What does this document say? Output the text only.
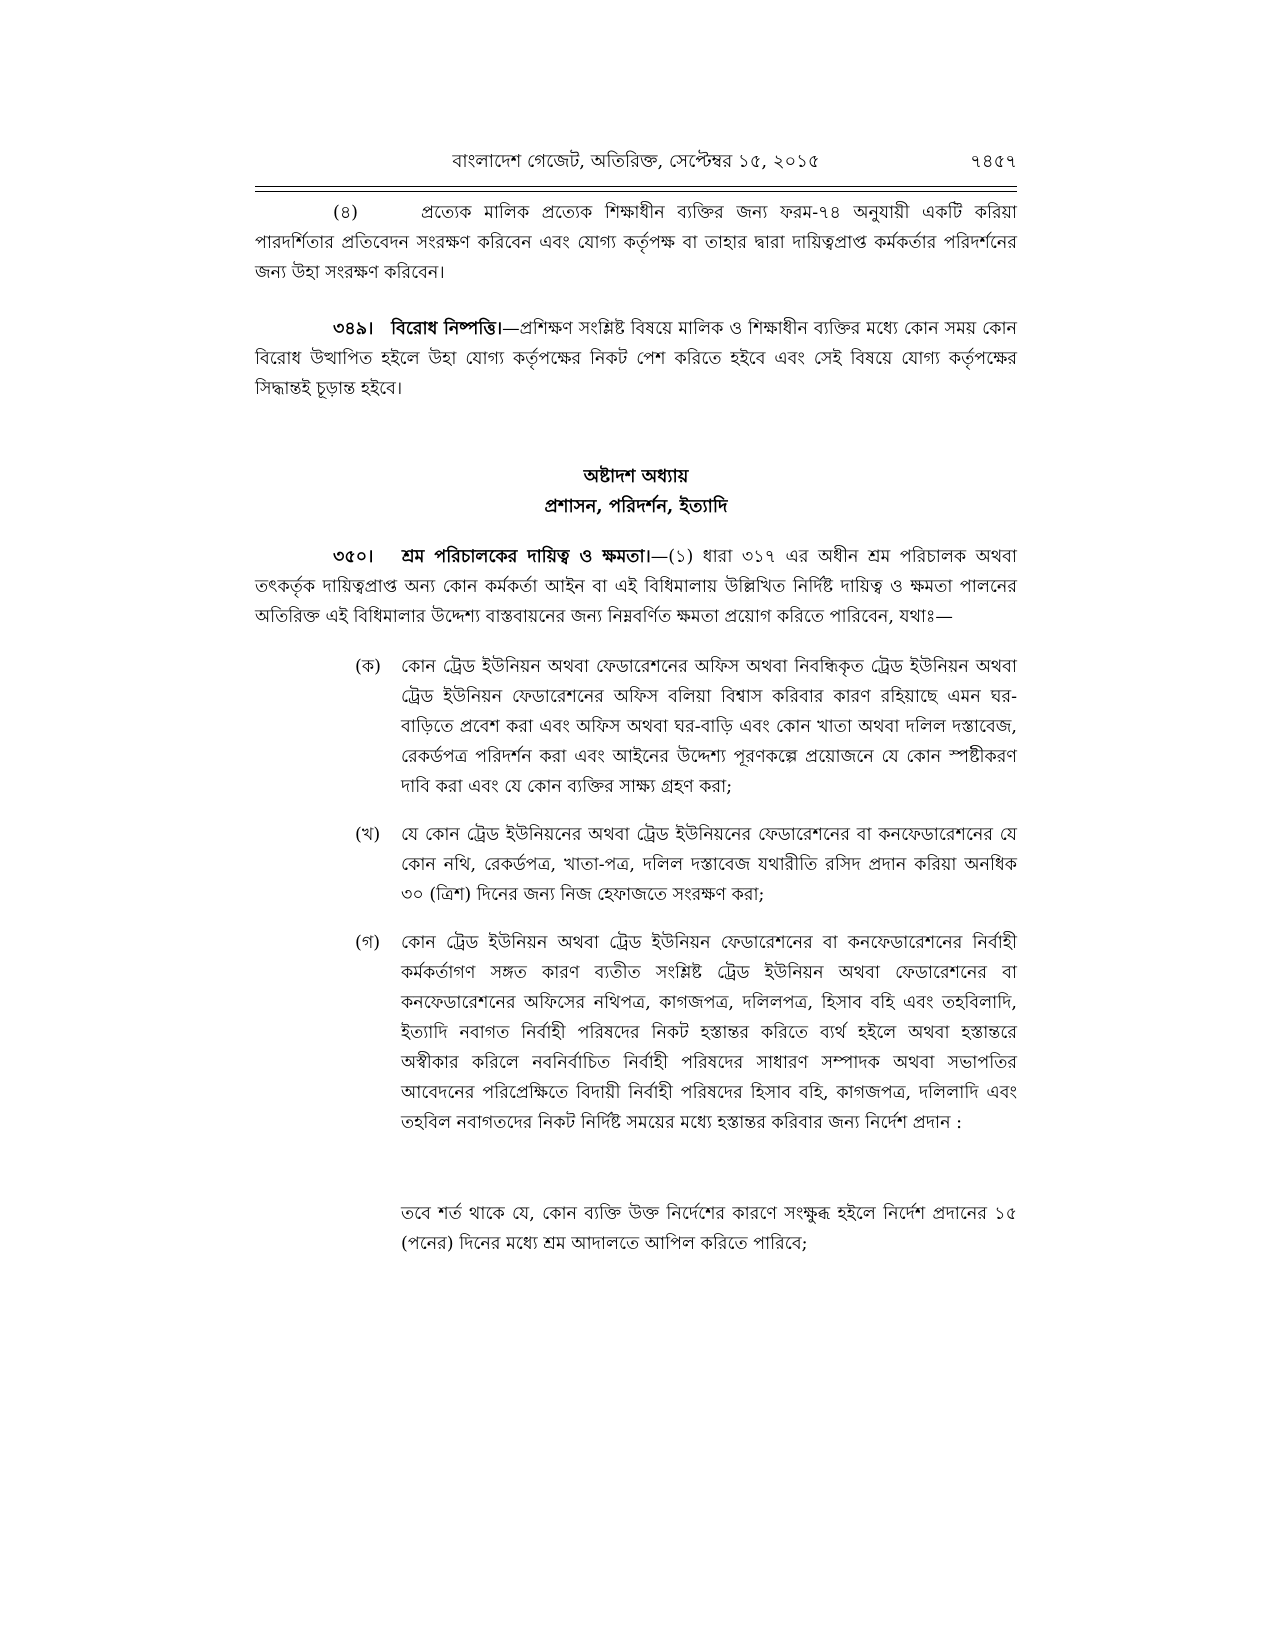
বাংলাদেশ গেজেট, অতিরিক্ত, সেপ্টেম্বর ১৫, ২০১৫	৭৪৫৭

(৪)	প্রত্যেক মালিক প্রত্যেক শিক্ষাধীন ব্যক্তির জন্য ফরম-৭৪ অনুযায়ী একটি করিয়া পারদর্শিতার প্রতিবেদন সংরক্ষণ করিবেন এবং যোগ্য কর্তৃপক্ষ বা তাহার দ্বারা দায়িত্বপ্রাপ্ত কর্মকর্তার পরিদর্শনের জন্য উহা সংরক্ষণ করিবেন।

৩৪৯। বিরোধ নিষ্পত্তি।—প্রশিক্ষণ সংশ্লিষ্ট বিষয়ে মালিক ও শিক্ষাধীন ব্যক্তির মধ্যে কোন সময় কোন বিরোধ উত্থাপিত হইলে উহা যোগ্য কর্তৃপক্ষের নিকট পেশ করিতে হইবে এবং সেই বিষয়ে যোগ্য কর্তৃপক্ষের সিদ্ধান্তই চূড়ান্ত হইবে।

অষ্টাদশ অধ্যায়
প্রশাসন, পরিদর্শন, ইত্যাদি

৩৫০। শ্রম পরিচালকের দায়িত্ব ও ক্ষমতা।—(১) ধারা ৩১৭ এর অধীন শ্রম পরিচালক অথবা তৎকর্তৃক দায়িত্বপ্রাপ্ত অন্য কোন কর্মকর্তা আইন বা এই বিধিমালায় উল্লিখিত নির্দিষ্ট দায়িত্ব ও ক্ষমতা পালনের অতিরিক্ত এই বিধিমালার উদ্দেশ্য বাস্তবায়নের জন্য নিম্নবর্ণিত ক্ষমতা প্রয়োগ করিতে পারিবেন, যথাঃ—

(ক)	কোন ট্রেড ইউনিয়ন অথবা ফেডারেশনের অফিস অথবা নিবন্ধিকৃত ট্রেড ইউনিয়ন অথবা ট্রেড ইউনিয়ন ফেডারেশনের অফিস বলিয়া বিশ্বাস করিবার কারণ রহিয়াছে এমন ঘর-বাড়িতে প্রবেশ করা এবং অফিস অথবা ঘর-বাড়ি এবং কোন খাতা অথবা দলিল দস্তাবেজ, রেকর্ডপত্র পরিদর্শন করা এবং আইনের উদ্দেশ্য পূরণকল্পে প্রয়োজনে যে কোন স্পষ্টীকরণ দাবি করা এবং যে কোন ব্যক্তির সাক্ষ্য গ্রহণ করা;
(খ)	যে কোন ট্রেড ইউনিয়নের অথবা ট্রেড ইউনিয়নের ফেডারেশনের বা কনফেডারেশনের যে কোন নথি, রেকর্ডপত্র, খাতা-পত্র, দলিল দস্তাবেজ যথারীতি রসিদ প্রদান করিয়া অনধিক ৩০ (ত্রিশ) দিনের জন্য নিজ হেফাজতে সংরক্ষণ করা;
(গ)	কোন ট্রেড ইউনিয়ন অথবা ট্রেড ইউনিয়ন ফেডারেশনের বা কনফেডারেশনের নির্বাহী কর্মকর্তাগণ সঙ্গত কারণ ব্যতীত সংশ্লিষ্ট ট্রেড ইউনিয়ন অথবা ফেডারেশনের বা কনফেডারেশনের অফিসের নথিপত্র, কাগজপত্র, দলিলপত্র, হিসাব বহি এবং তহবিলাদি, ইত্যাদি নবাগত নির্বাহী পরিষদের নিকট হস্তান্তর করিতে ব্যর্থ হইলে অথবা হস্তান্তরে অস্বীকার করিলে নবনির্বাচিত নির্বাহী পরিষদের সাধারণ সম্পাদক অথবা সভাপতির আবেদনের পরিপ্রেক্ষিতে বিদায়ী নির্বাহী পরিষদের হিসাব বহি, কাগজপত্র, দলিলাদি এবং তহবিল নবাগতদের নিকট নির্দিষ্ট সময়ের মধ্যে হস্তান্তর করিবার জন্য নির্দেশ প্রদান :

তবে শর্ত থাকে যে, কোন ব্যক্তি উক্ত নির্দেশের কারণে সংক্ষুব্ধ হইলে নির্দেশ প্রদানের ১৫ (পনের) দিনের মধ্যে শ্রম আদালতে আপিল করিতে পারিবে;
